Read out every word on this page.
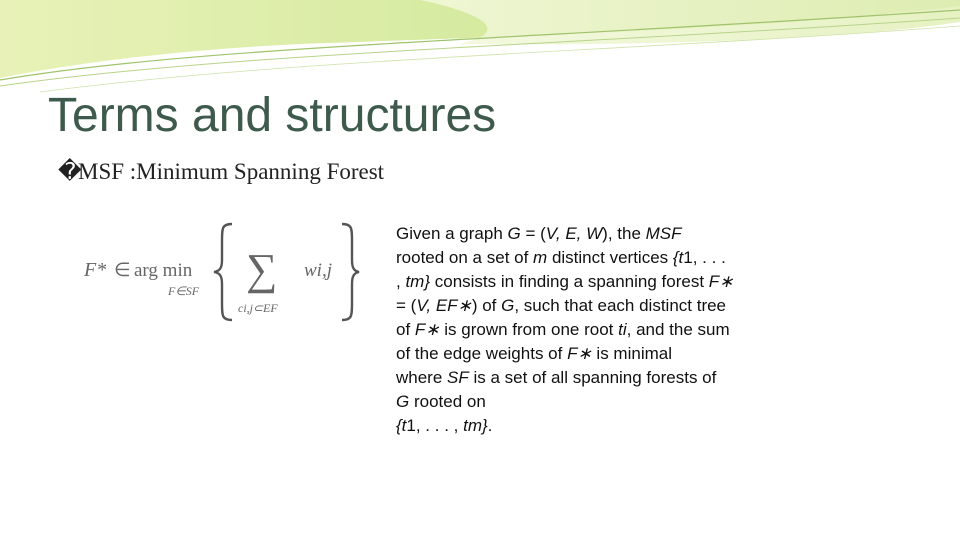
Terms and structures
�MSF :Minimum Spanning Forest
F* ∈ arg min
F∈SF ∑
ci,j⊂EF
wi,j

Given a graph G = (V, E, W), the MSF

rooted on a set of m distinct vertices {t1, . . .

, tm} consists in finding a spanning forest F∗

= (V, EF∗) of G, such that each distinct tree

of F∗ is grown from one root ti, and the sum

of the edge weights of F∗ is minimal

where SF is a set of all spanning forests of

G rooted on

{t1, . . . , tm}.
